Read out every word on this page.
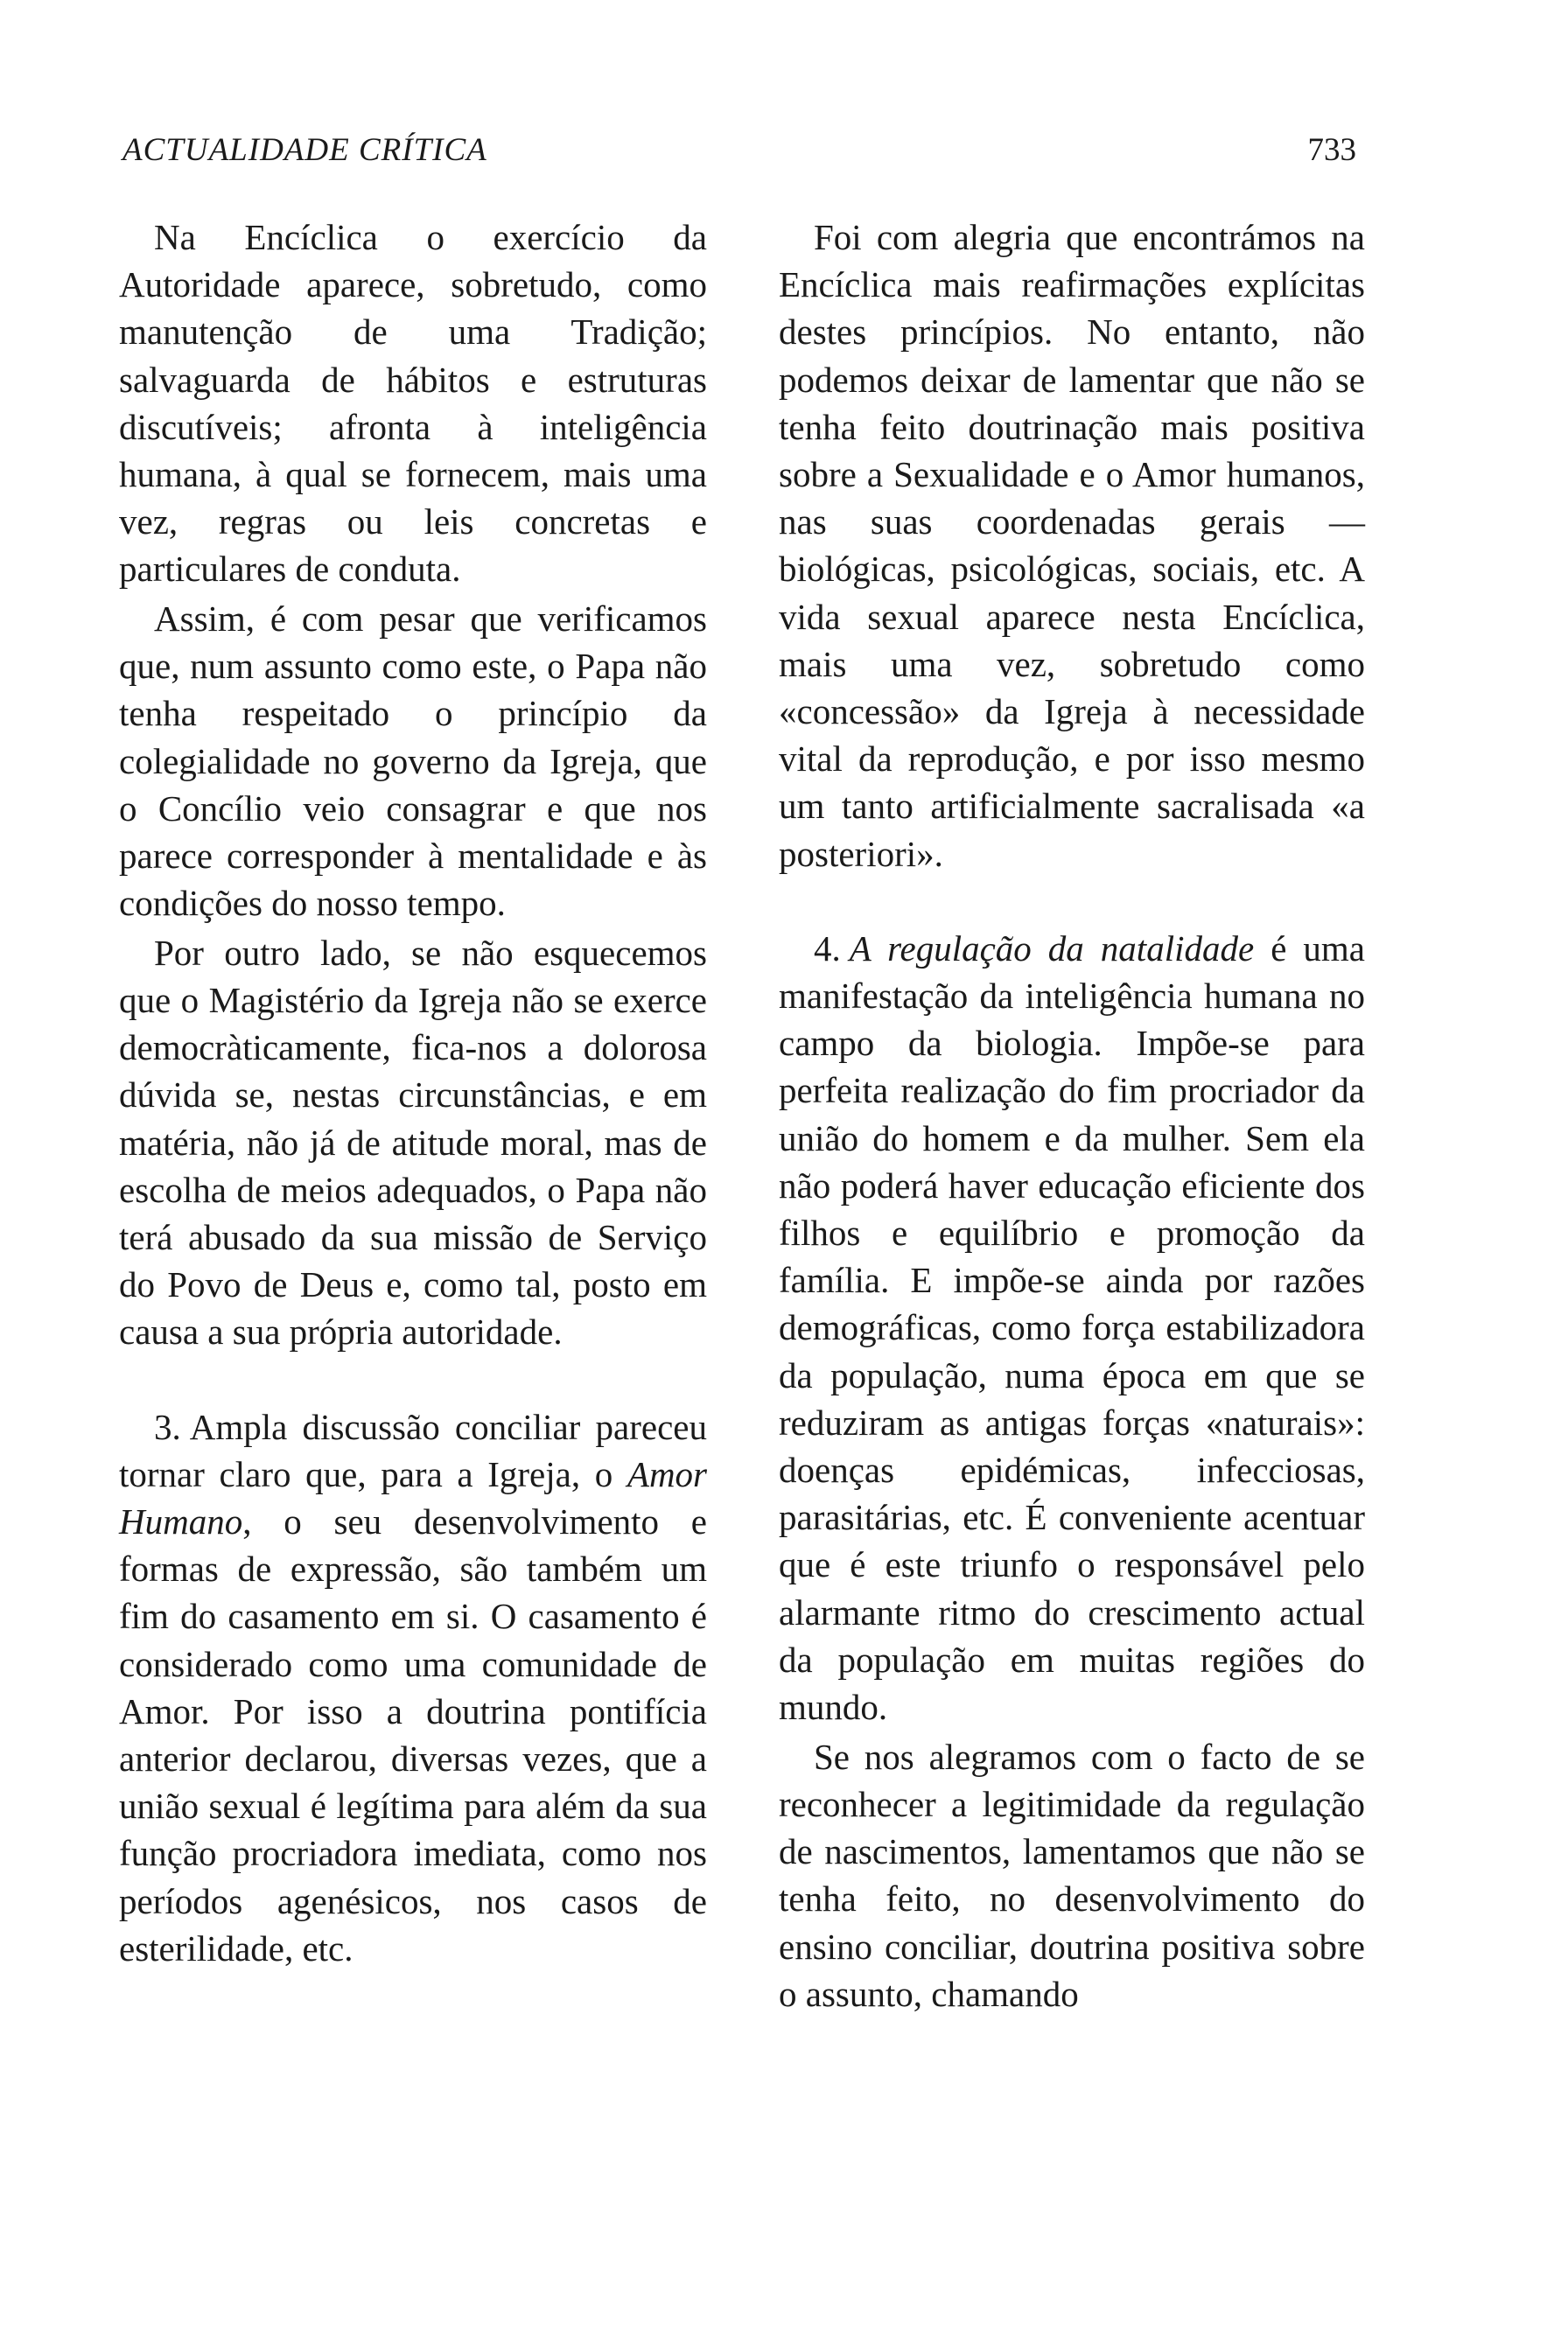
ACTUALIDADE CRÍTICA	733

Na Encíclica o exercício da Autoridade aparece, sobretudo, como manutenção de uma Tradição; salvaguarda de hábitos e estruturas discutíveis; afronta à inteligência humana, à qual se fornecem, mais uma vez, regras ou leis concretas e particulares de conduta.

Assim, é com pesar que verificamos que, num assunto como este, o Papa não tenha respeitado o princípio da colegialidade no governo da Igreja, que o Concílio veio consagrar e que nos parece corresponder à mentalidade e às condições do nosso tempo.

Por outro lado, se não esquecemos que o Magistério da Igreja não se exerce democràticamente, fica-nos a dolorosa dúvida se, nestas circunstâncias, e em matéria, não já de atitude moral, mas de escolha de meios adequados, o Papa não terá abusado da sua missão de Serviço do Povo de Deus e, como tal, posto em causa a sua própria autoridade.

3. Ampla discussão conciliar pareceu tornar claro que, para a Igreja, o Amor Humano, o seu desenvolvimento e formas de expressão, são também um fim do casamento em si. O casamento é considerado como uma comunidade de Amor. Por isso a doutrina pontifícia anterior declarou, diversas vezes, que a união sexual é legítima para além da sua função procriadora imediata, como nos períodos agenésicos, nos casos de esterilidade, etc.

Foi com alegria que encontrámos na Encíclica mais reafirmações explícitas destes princípios. No entanto, não podemos deixar de lamentar que não se tenha feito doutrinação mais positiva sobre a Sexualidade e o Amor humanos, nas suas coordenadas gerais — biológicas, psicológicas, sociais, etc. A vida sexual aparece nesta Encíclica, mais uma vez, sobretudo como «concessão» da Igreja à necessidade vital da reprodução, e por isso mesmo um tanto artificialmente sacralisada «a posteriori».

4. A regulação da natalidade é uma manifestação da inteligência humana no campo da biologia. Impõe-se para perfeita realização do fim procriador da união do homem e da mulher. Sem ela não poderá haver educação eficiente dos filhos e equilíbrio e promoção da família. E impõe-se ainda por razões demográficas, como força estabilizadora da população, numa época em que se reduziram as antigas forças «naturais»: doenças epidémicas, infecciosas, parasitárias, etc. É conveniente acentuar que é este triunfo o responsável pelo alarmante ritmo do crescimento actual da população em muitas regiões do mundo.

Se nos alegramos com o facto de se reconhecer a legitimidade da regulação de nascimentos, lamentamos que não se tenha feito, no desenvolvimento do ensino conciliar, doutrina positiva sobre o assunto, chamando
